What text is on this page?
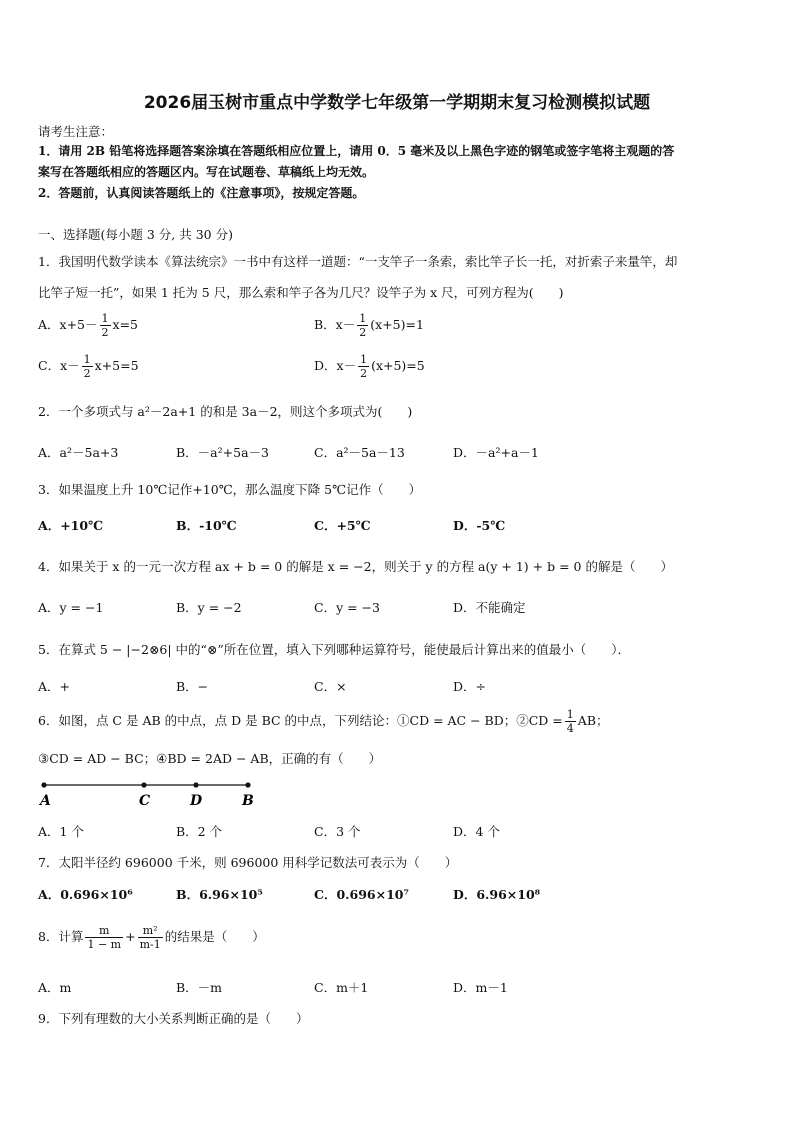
2026届玉树市重点中学数学七年级第一学期期末复习检测模拟试题
请考生注意：
1．请用 2B 铅笔将选择题答案涂填在答题纸相应位置上，请用 0．5 毫米及以上黑色字迹的钢笔或签字笔将主观题的答
案写在答题纸相应的答题区内。写在试题卷、草稿纸上均无效。
2．答题前，认真阅读答题纸上的《注意事项》，按规定答题。
一、选择题(每小题 3 分, 共 30 分)
1．我国明代数学读本《算法统宗》一书中有这样一道题：“一支竿子一条索，索比竿子长一托，对折索子来量竿，却
比竿子短一托”，如果 1 托为 5 尺，那么索和竿子各为几尺？设竿子为 x 尺，可列方程为(　　)
A．$x+5- \frac{1}{2} x=5$	B．$x- \frac{1}{2} (x+5)=1$
C．$x- \frac{1}{2} x+5=5$	D．$x- \frac{1}{2} (x+5)=5$
2．一个多项式与 a²－2a+1 的和是 3a－2，则这个多项式为(　　)
A．a²－5a+3	B．－a²+5a－3	C．a²－5a－13	D．－a²+a－1
3．如果温度上升 10℃记作+10℃，那么温度下降 5℃记作（　　）
A．+10℃	B．-10℃	C．+5℃	D．-5℃
4．如果关于 x 的一元一次方程 ax + b = 0 的解是 x = −2，则关于 y 的方程 a(y + 1) + b = 0 的解是（　　）
A．y = −1	B．y = −2	C．y = −3	D．不能确定
5．在算式 5 − |−2⊗6| 中的“⊗”所在位置，填入下列哪种运算符号，能使最后计算出来的值最小（　　）．
A．+	B．−	C．×	D．÷
6．如图，点 C 是 AB 的中点，点 D 是 BC 的中点，下列结论：①CD = AC − BD；②CD = $\frac{1}{4}$ AB；
③CD = AD − BC；④BD = 2AD − AB，正确的有（　　）
A	C	D	B
A．1 个	B．2 个	C．3 个	D．4 个
7．太阳半径约 696000 千米，则 696000 用科学记数法可表示为（　　）
A．0.696×10⁶	B．6.96×10⁵	C．0.696×10⁷	D．6.96×10⁸
8．计算 $\frac{m}{1 - m} + \frac{\text{m²}}{m-1}$ 的结果是（　　）
A．m	B．－m	C．m＋1	D．m－1
9．下列有理数的大小关系判断正确的是（　　）
